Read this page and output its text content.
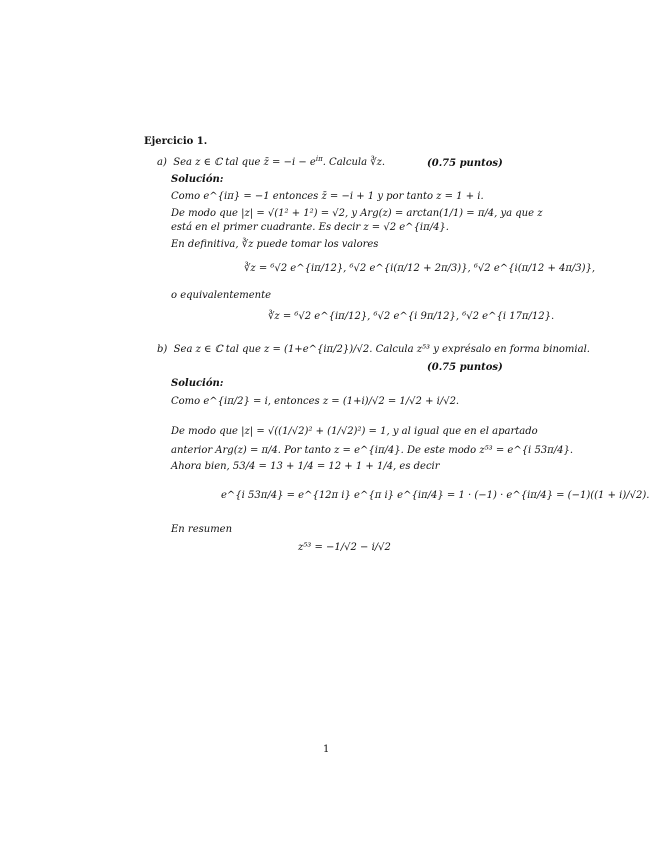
Ejercicio 1.
a) Sea z ∈ ℂ tal que z̄ = $-i - e^{i\pi}$. Calcula ∛z.	(0.75 puntos)
Solución:
Como e^{iπ} = −1 entonces z̄ = −i + 1 y por tanto z = 1 + i.
De modo que |z| = √(1² + 1²) = √2, y Arg(z) = arctan(1/1) = π/4, ya que z
está en el primer cuadrante. Es decir z = √2 e^{iπ/4}.
En definitiva, ∛z puede tomar los valores
∛z = ⁶√2 e^{iπ/12}, ⁶√2 e^{i(π/12 + 2π/3)}, ⁶√2 e^{i(π/12 + 4π/3)},
o equivalentemente
∛z = ⁶√2 e^{iπ/12}, ⁶√2 e^{i 9π/12}, ⁶√2 e^{i 17π/12}.
b) Sea z ∈ ℂ tal que z = (1+e^{iπ/2})/√2. Calcula z⁵³ y exprésalo en forma binomial.
(0.75 puntos)
Solución:
Como e^{iπ/2} = i, entonces z = (1+i)/√2 = 1/√2 + i/√2.
De modo que |z| = √((1/√2)² + (1/√2)²) = 1, y al igual que en el apartado
anterior Arg(z) = π/4. Por tanto z = e^{iπ/4}. De este modo z⁵³ = e^{i 53π/4}.
Ahora bien, 53/4 = 13 + 1/4 = 12 + 1 + 1/4, es decir
e^{i 53π/4} = e^{12π i} e^{π i} e^{iπ/4} = 1 · (−1) · e^{iπ/4} = (−1)((1 + i)/√2).
En resumen
z⁵³ = −1/√2 − i/√2
1
